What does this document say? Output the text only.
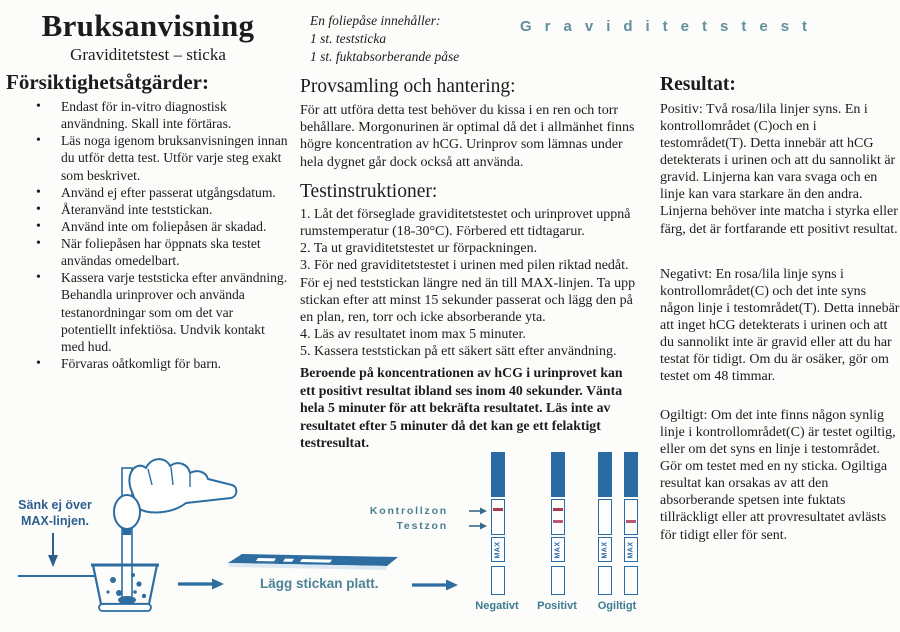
Bruksanvisning
Graviditetstest – sticka
Försiktighetsåtgärder:
• Endast för in-vitro diagnostisk användning. Skall inte förtäras.
• Läs noga igenom bruksanvisningen innan du utför detta test. Utför varje steg exakt som beskrivet.
• Använd ej efter passerat utgångsdatum.
• Återanvänd inte teststickan.
• Använd inte om foliepåsen är skadad.
• När foliepåsen har öppnats ska testet användas omedelbart.
• Kassera varje teststicka efter användning. Behandla urinprover och använda testanordningar som om det var potentiellt infektiösa. Undvik kontakt med hud.
• Förvaras oåtkomligt för barn.
En foliepåse innehåller:
1 st. teststicka
1 st. fuktabsorberande påse
Provsamling och hantering:
För att utföra detta test behöver du kissa i en ren och torr behållare. Morgonurinen är optimal då det i allmänhet finns högre koncentration av hCG. Urinprov som lämnas under hela dygnet går dock också att använda.
Testinstruktioner:
1. Låt det förseglade graviditetstestet och urinprovet uppnå rumstemperatur (18-30°C). Förbered ett tidtagarur.
2. Ta ut graviditetstestet ur förpackningen.
3. För ned graviditetstestet i urinen med pilen riktad nedåt. För ej ned teststickan längre ned än till MAX-linjen. Ta upp stickan efter att minst 15 sekunder passerat och lägg den på en plan, ren, torr och icke absorberande yta.
4. Läs av resultatet inom max 5 minuter.
5. Kassera teststickan på ett säkert sätt efter användning.
Beroende på koncentrationen av hCG i urinprovet kan ett positivt resultat ibland ses inom 40 sekunder. Vänta hela 5 minuter för att bekräfta resultatet. Läs inte av resultatet efter 5 minuter då det kan ge ett felaktigt testresultat.
Graviditetstest
Resultat:
Positiv: Två rosa/lila linjer syns. En i kontrollområdet (C)och en i testområdet(T). Detta innebär att hCG detekterats i urinen och att du sannolikt är gravid. Linjerna kan vara svaga och en linje kan vara starkare än den andra. Linjerna behöver inte matcha i styrka eller färg, det är fortfarande ett positivt resultat.
Negativt: En rosa/lila linje syns i kontrollområdet(C) och det inte syns någon linje i testområdet(T). Detta innebär att inget hCG detekterats i urinen och att du sannolikt inte är gravid eller att du har testat för tidigt. Om du är osäker, gör om testet om 48 timmar.
Ogiltigt: Om det inte finns någon synlig linje i kontrollområdet(C) är testet ogiltig, eller om det syns en linje i testområdet. Gör om testet med en ny sticka. Ogiltiga resultat kan orsakas av att den absorberande spetsen inte fuktats tillräckligt eller att provresultatet avlästs för tidigt eller för sent.
Sänk ej över
MAX-linjen.
Lägg stickan platt.
Kontrollzon
Testzon
MAX	MAX	MAX	MAX
Negativt	Positivt	Ogiltigt
